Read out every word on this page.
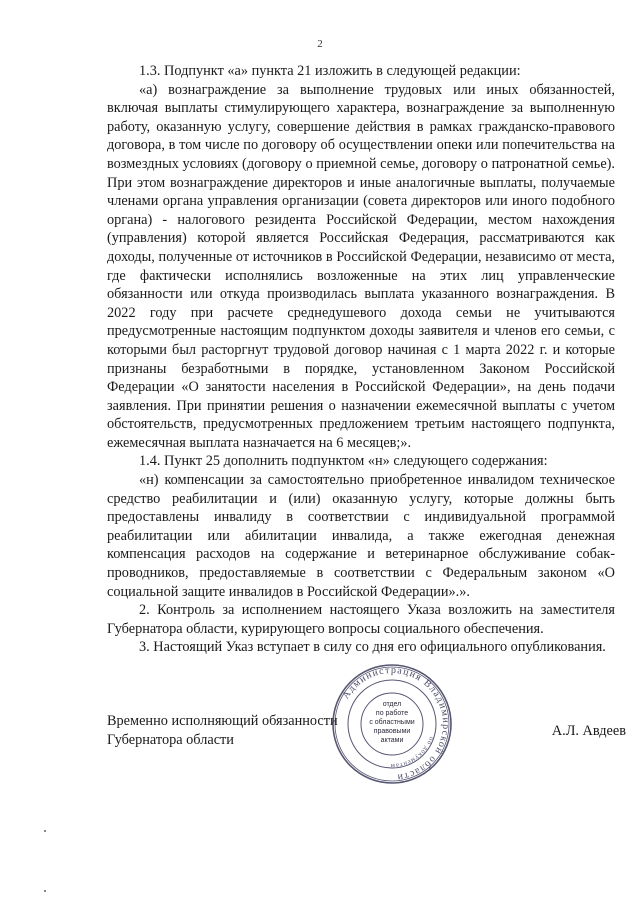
2

1.3. Подпункт «а» пункта 21 изложить в следующей редакции:

«а) вознаграждение за выполнение трудовых или иных обязанностей, включая выплаты стимулирующего характера, вознаграждение за выполненную работу, оказанную услугу, совершение действия в рамках гражданско-правового договора, в том числе по договору об осуществлении опеки или попечительства на возмездных условиях (договору о приемной семье, договору о патронатной семье). При этом вознаграждение директоров и иные аналогичные выплаты, получаемые членами органа управления организации (совета директоров или иного подобного органа) - налогового резидента Российской Федерации, местом нахождения (управления) которой является Российская Федерация, рассматриваются как доходы, полученные от источников в Российской Федерации, независимо от места, где фактически исполнялись возложенные на этих лиц управленческие обязанности или откуда производилась выплата указанного вознаграждения. В 2022 году при расчете среднедушевого дохода семьи не учитываются предусмотренные настоящим подпунктом доходы заявителя и членов его семьи, с которыми был расторгнут трудовой договор начиная с 1 марта 2022 г. и которые признаны безработными в порядке, установленном Законом Российской Федерации «О занятости населения в Российской Федерации», на день подачи заявления. При принятии решения о назначении ежемесячной выплаты с учетом обстоятельств, предусмотренных предложением третьим настоящего подпункта, ежемесячная выплата назначается на 6 месяцев;».

1.4. Пункт 25 дополнить подпунктом «н» следующего содержания:

«н) компенсации за самостоятельно приобретенное инвалидом техническое средство реабилитации и (или) оказанную услугу, которые должны быть предоставлены инвалиду в соответствии с индивидуальной программой реабилитации или абилитации инвалида, а также ежегодная денежная компенсация расходов на содержание и ветеринарное обслуживание собак-проводников, предоставляемые в соответствии с Федеральным законом «О социальной защите инвалидов в Российской Федерации».».

2. Контроль за исполнением настоящего Указа возложить на заместителя Губернатора области, курирующего вопросы социального обеспечения.

3. Настоящий Указ вступает в силу со дня его официального опубликования.

Временно исполняющий обязанности
Губернатора области
А.Л. Авдеев
Администрация Владимирской области
по документам
отдел
по работе
с областными
правовыми
актами
